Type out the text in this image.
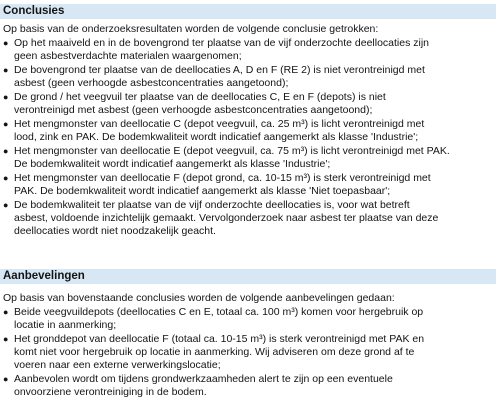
Conclusies
Op basis van de onderzoeksresultaten worden de volgende conclusie getrokken:
● Op het maaiveld en in de bovengrond ter plaatse van de vijf onderzochte deellocaties zijn
geen asbestverdachte materialen waargenomen;
● De bovengrond ter plaatse van de deellocaties A, D en F (RE 2) is niet verontreinigd met
asbest (geen verhoogde asbestconcentraties aangetoond);
● De grond / het veegvuil ter plaatse van de deellocaties C, E en F (depots) is niet
verontreinigd met asbest (geen verhoogde asbestconcentraties aangetoond);
● Het mengmonster van deellocatie C (depot veegvuil, ca. 25 m³) is licht verontreinigd met
lood, zink en PAK. De bodemkwaliteit wordt indicatief aangemerkt als klasse 'Industrie';
● Het mengmonster van deellocatie E (depot veegvuil, ca. 75 m³) is licht verontreinigd met PAK.
De bodemkwaliteit wordt indicatief aangemerkt als klasse 'Industrie';
● Het mengmonster van deellocatie F (depot grond, ca. 10-15 m³) is sterk verontreinigd met
PAK. De bodemkwaliteit wordt indicatief aangemerkt als klasse 'Niet toepasbaar';
● De bodemkwaliteit ter plaatse van de vijf onderzochte deellocaties is, voor wat betreft
asbest, voldoende inzichtelijk gemaakt. Vervolgonderzoek naar asbest ter plaatse van deze
deellocaties wordt niet noodzakelijk geacht.
Aanbevelingen
Op basis van bovenstaande conclusies worden de volgende aanbevelingen gedaan:
● Beide veegvuildepots (deellocaties C en E, totaal ca. 100 m³) komen voor hergebruik op
locatie in aanmerking;
● Het gronddepot van deellocatie F (totaal ca. 10-15 m³) is sterk verontreinigd met PAK en
komt niet voor hergebruik op locatie in aanmerking. Wij adviseren om deze grond af te
voeren naar een externe verwerkingslocatie;
● Aanbevolen wordt om tijdens grondwerkzaamheden alert te zijn op een eventuele
onvoorziene verontreiniging in de bodem.
